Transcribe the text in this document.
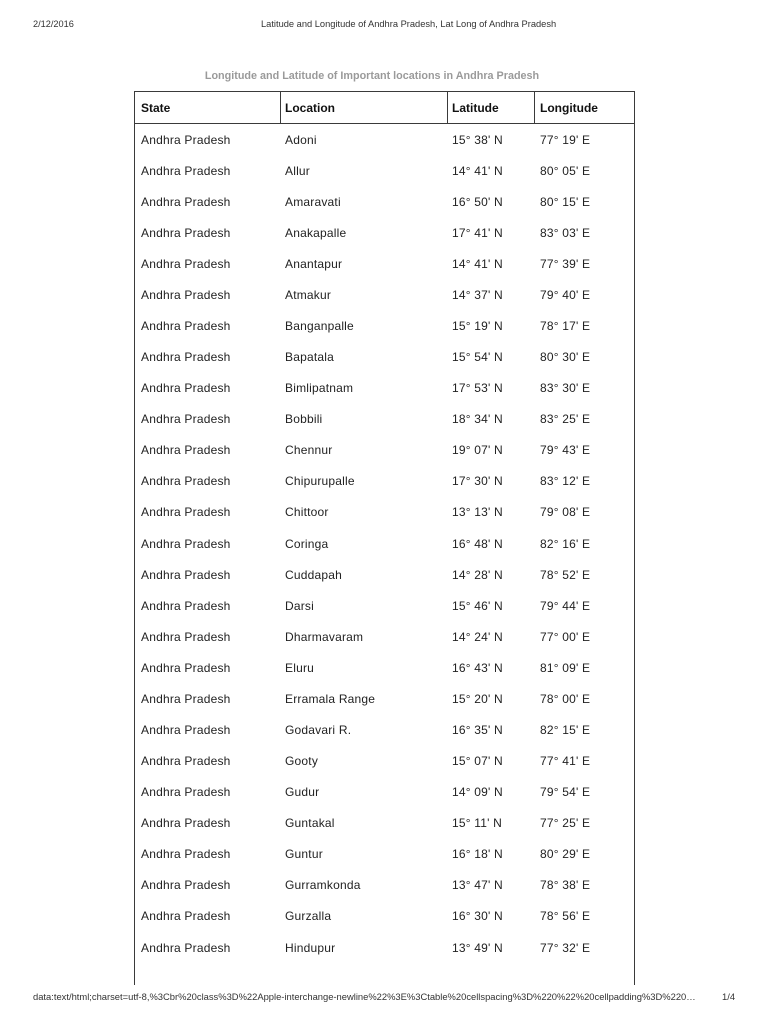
2/12/2016	Latitude and Longitude of Andhra Pradesh, Lat Long of Andhra Pradesh
Longitude and Latitude of Important locations in Andhra Pradesh
State	Location	Latitude	Longitude
Andhra Pradesh	Adoni	15° 38' N	77° 19' E
Andhra Pradesh	Allur	14° 41' N	80° 05' E
Andhra Pradesh	Amaravati	16° 50' N	80° 15' E
Andhra Pradesh	Anakapalle	17° 41' N	83° 03' E
Andhra Pradesh	Anantapur	14° 41' N	77° 39' E
Andhra Pradesh	Atmakur	14° 37' N	79° 40' E
Andhra Pradesh	Banganpalle	15° 19' N	78° 17' E
Andhra Pradesh	Bapatala	15° 54' N	80° 30' E
Andhra Pradesh	Bimlipatnam	17° 53' N	83° 30' E
Andhra Pradesh	Bobbili	18° 34' N	83° 25' E
Andhra Pradesh	Chennur	19° 07' N	79° 43' E
Andhra Pradesh	Chipurupalle	17° 30' N	83° 12' E
Andhra Pradesh	Chittoor	13° 13' N	79° 08' E
Andhra Pradesh	Coringa	16° 48' N	82° 16' E
Andhra Pradesh	Cuddapah	14° 28' N	78° 52' E
Andhra Pradesh	Darsi	15° 46' N	79° 44' E
Andhra Pradesh	Dharmavaram	14° 24' N	77° 00' E
Andhra Pradesh	Eluru	16° 43' N	81° 09' E
Andhra Pradesh	Erramala Range	15° 20' N	78° 00' E
Andhra Pradesh	Godavari R.	16° 35' N	82° 15' E
Andhra Pradesh	Gooty	15° 07' N	77° 41' E
Andhra Pradesh	Gudur	14° 09' N	79° 54' E
Andhra Pradesh	Guntakal	15° 11' N	77° 25' E
Andhra Pradesh	Guntur	16° 18' N	80° 29' E
Andhra Pradesh	Gurramkonda	13° 47' N	78° 38' E
Andhra Pradesh	Gurzalla	16° 30' N	78° 56' E
Andhra Pradesh	Hindupur	13° 49' N	77° 32' E
data:text/html;charset=utf-8,%3Cbr%20class%3D%22Apple-interchange-newline%22%3E%3Ctable%20cellspacing%3D%220%22%20cellpadding%3D%220…	1/4
